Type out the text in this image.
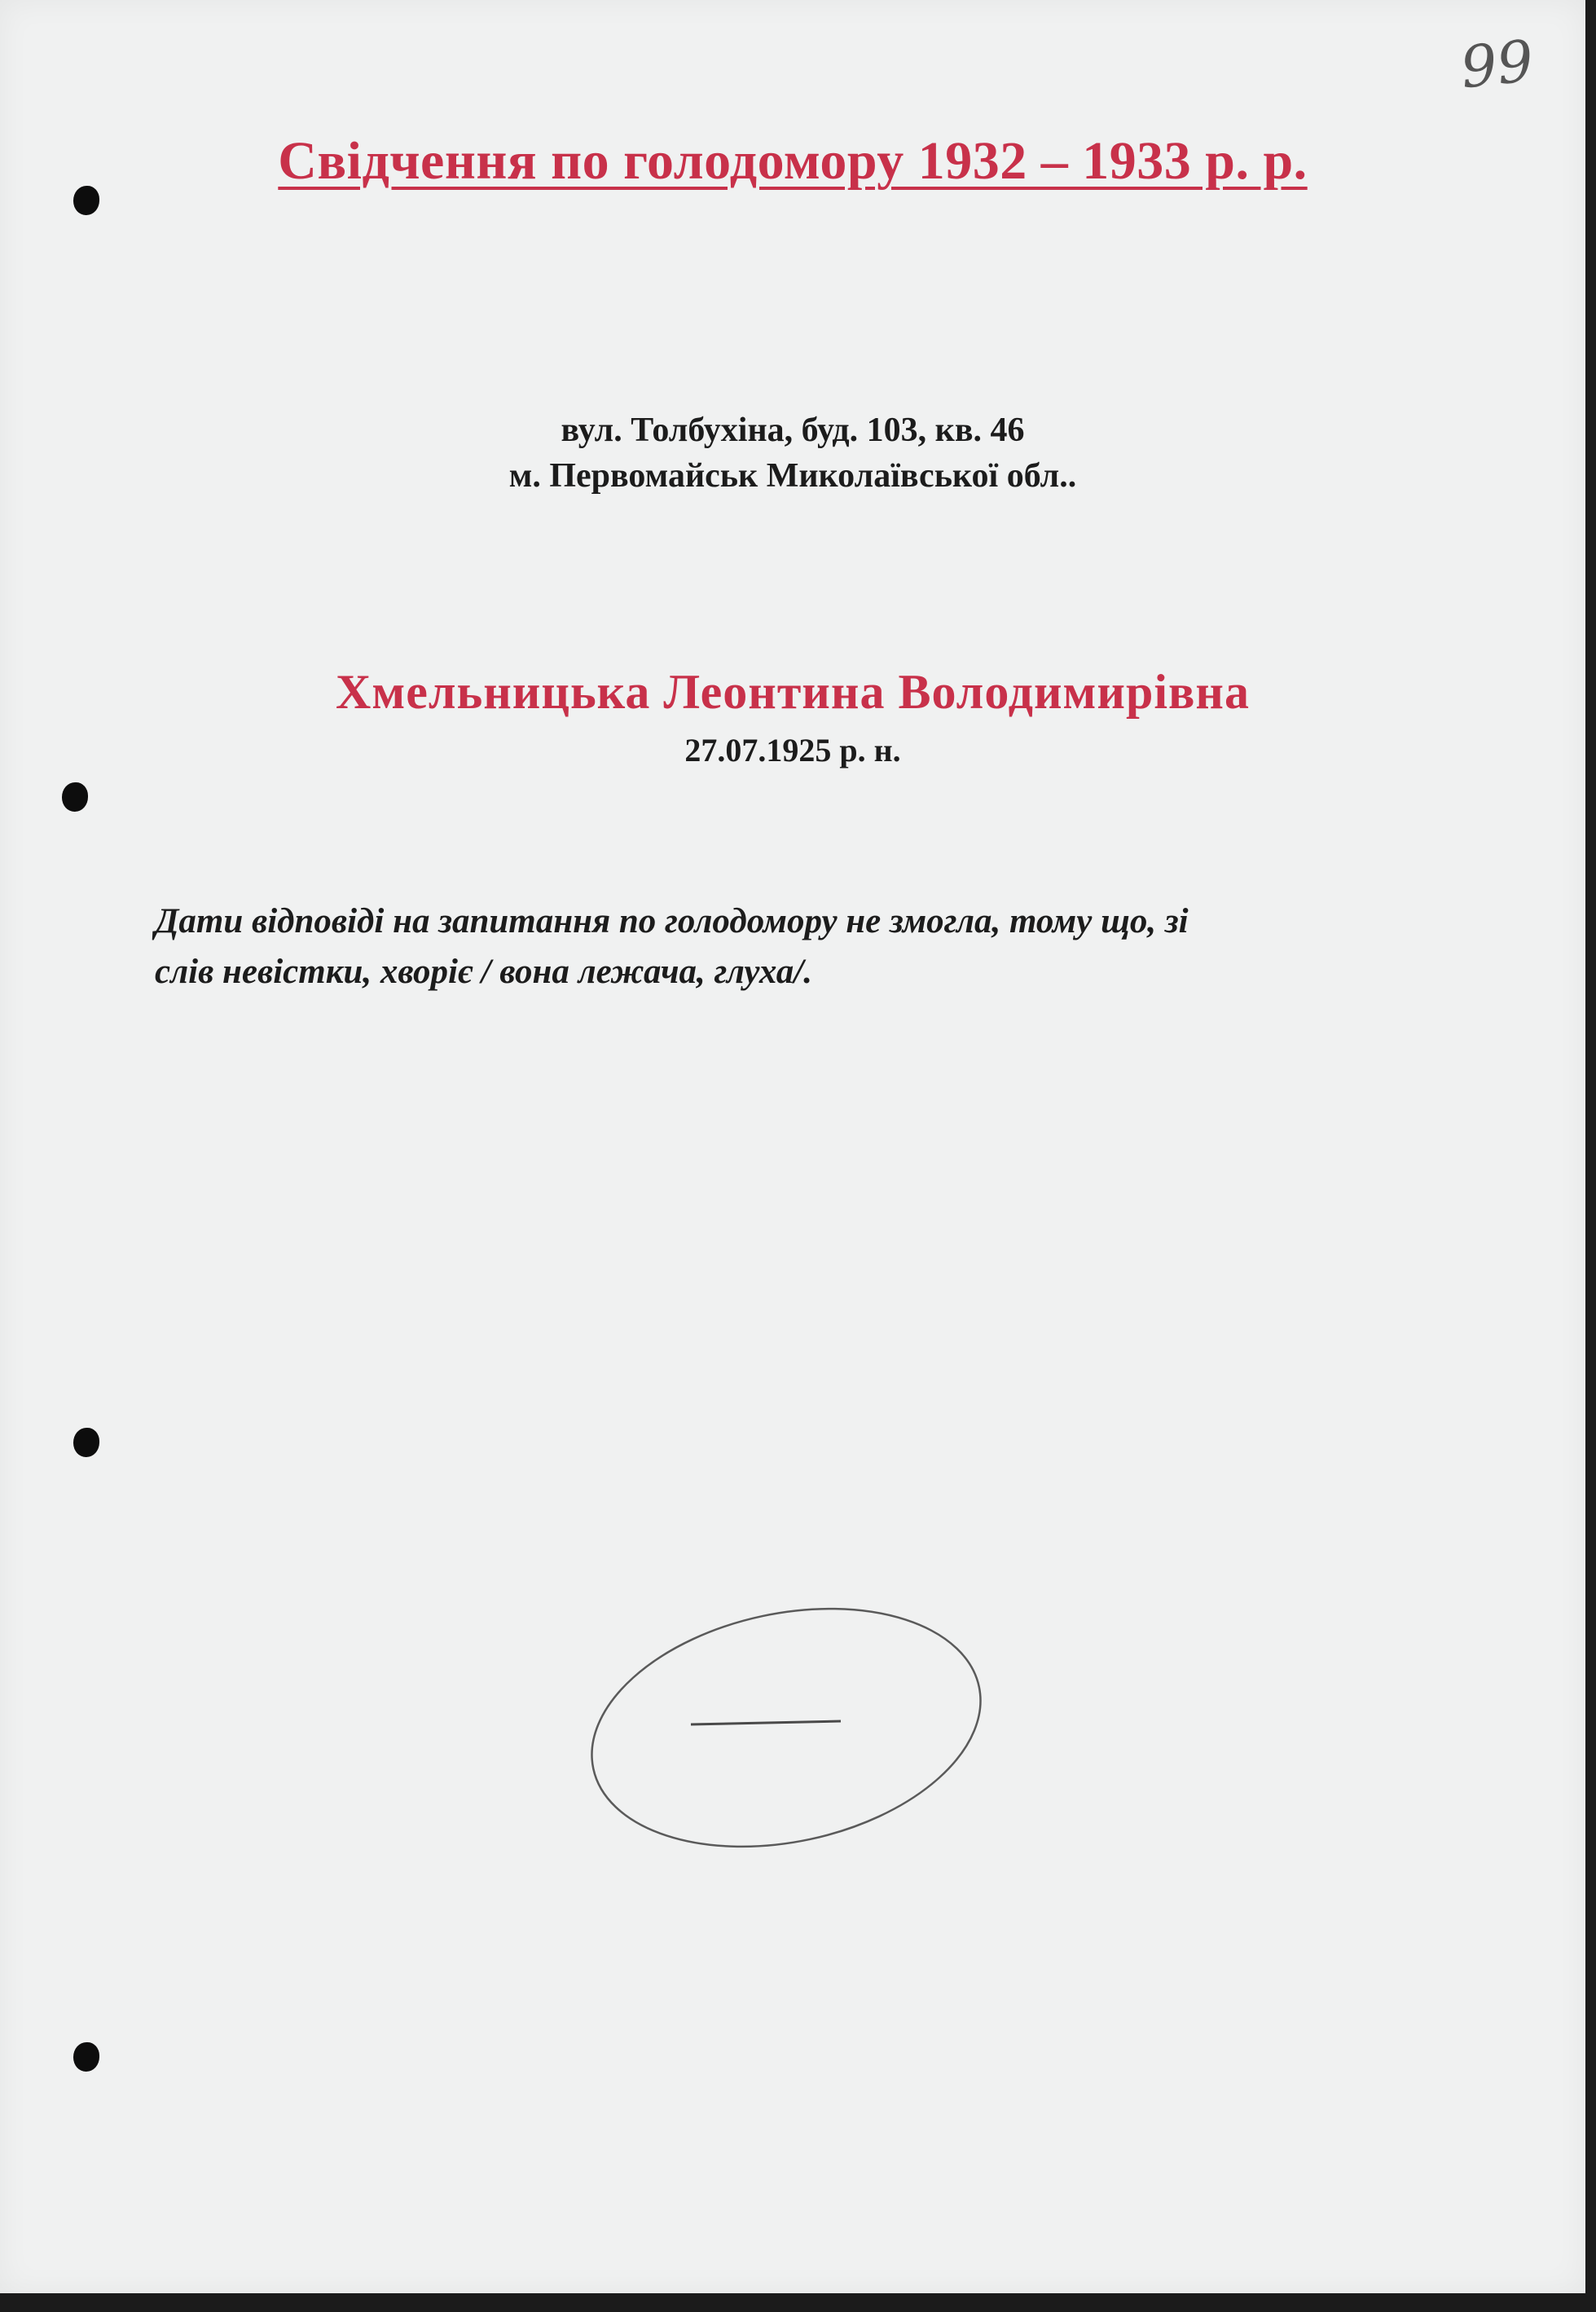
99
Свідчення по голодомору 1932 – 1933 р. р.
вул. Толбухіна, буд. 103, кв. 46
м. Первомайськ Миколаївської обл..
Хмельницька Леонтина Володимирівна
27.07.1925 р. н.
Дати відповіді на запитання по голодомору не змогла, тому що, зі
слів невістки, хворіє / вона лежача, глуха/.
